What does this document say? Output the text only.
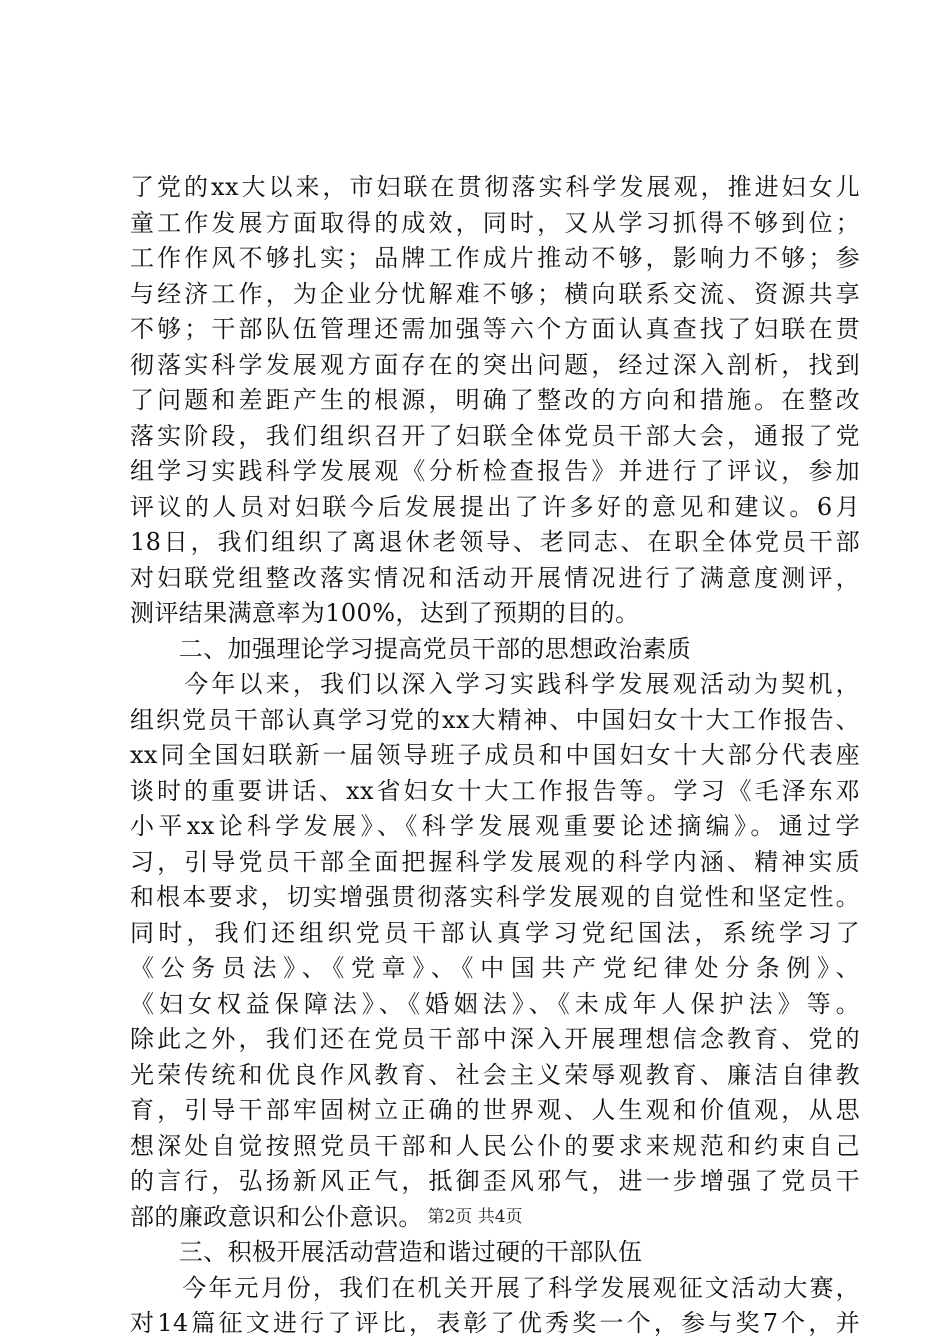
了党的xx大以来，市妇联在贯彻落实科学发展观，推进妇女儿
童工作发展方面取得的成效，同时，又从学习抓得不够到位；
工作作风不够扎实；品牌工作成片推动不够，影响力不够；参
与经济工作，为企业分忧解难不够；横向联系交流、资源共享
不够；干部队伍管理还需加强等六个方面认真查找了妇联在贯
彻落实科学发展观方面存在的突出问题，经过深入剖析，找到
了问题和差距产生的根源，明确了整改的方向和措施。在整改
落实阶段，我们组织召开了妇联全体党员干部大会，通报了党
组学习实践科学发展观《分析检查报告》并进行了评议，参加
评议的人员对妇联今后发展提出了许多好的意见和建议。6月
18日，我们组织了离退休老领导、老同志、在职全体党员干部
对妇联党组整改落实情况和活动开展情况进行了满意度测评，
测评结果满意率为100%，达到了预期的目的。
　　二、加强理论学习提高党员干部的思想政治素质
　　今年以来，我们以深入学习实践科学发展观活动为契机，
组织党员干部认真学习党的xx大精神、中国妇女十大工作报告、
xx同全国妇联新一届领导班子成员和中国妇女十大部分代表座
谈时的重要讲话、xx省妇女十大工作报告等。学习《毛泽东邓
小平xx论科学发展》、《科学发展观重要论述摘编》。通过学
习，引导党员干部全面把握科学发展观的科学内涵、精神实质
和根本要求，切实增强贯彻落实科学发展观的自觉性和坚定性。
同时，我们还组织党员干部认真学习党纪国法，系统学习了
《公务员法》、《党章》、《中国共产党纪律处分条例》、
《妇女权益保障法》、《婚姻法》、《未成年人保护法》等。
除此之外，我们还在党员干部中深入开展理想信念教育、党的
光荣传统和优良作风教育、社会主义荣辱观教育、廉洁自律教
育，引导干部牢固树立正确的世界观、人生观和价值观，从思
想深处自觉按照党员干部和人民公仆的要求来规范和约束自己
的言行，弘扬新风正气，抵御歪风邪气，进一步增强了党员干
部的廉政意识和公仆意识。
　　三、积极开展活动营造和谐过硬的干部队伍
　　今年元月份，我们在机关开展了科学发展观征文活动大赛，
对14篇征文进行了评比，表彰了优秀奖一个，参与奖7个，并
第2页 共4页
